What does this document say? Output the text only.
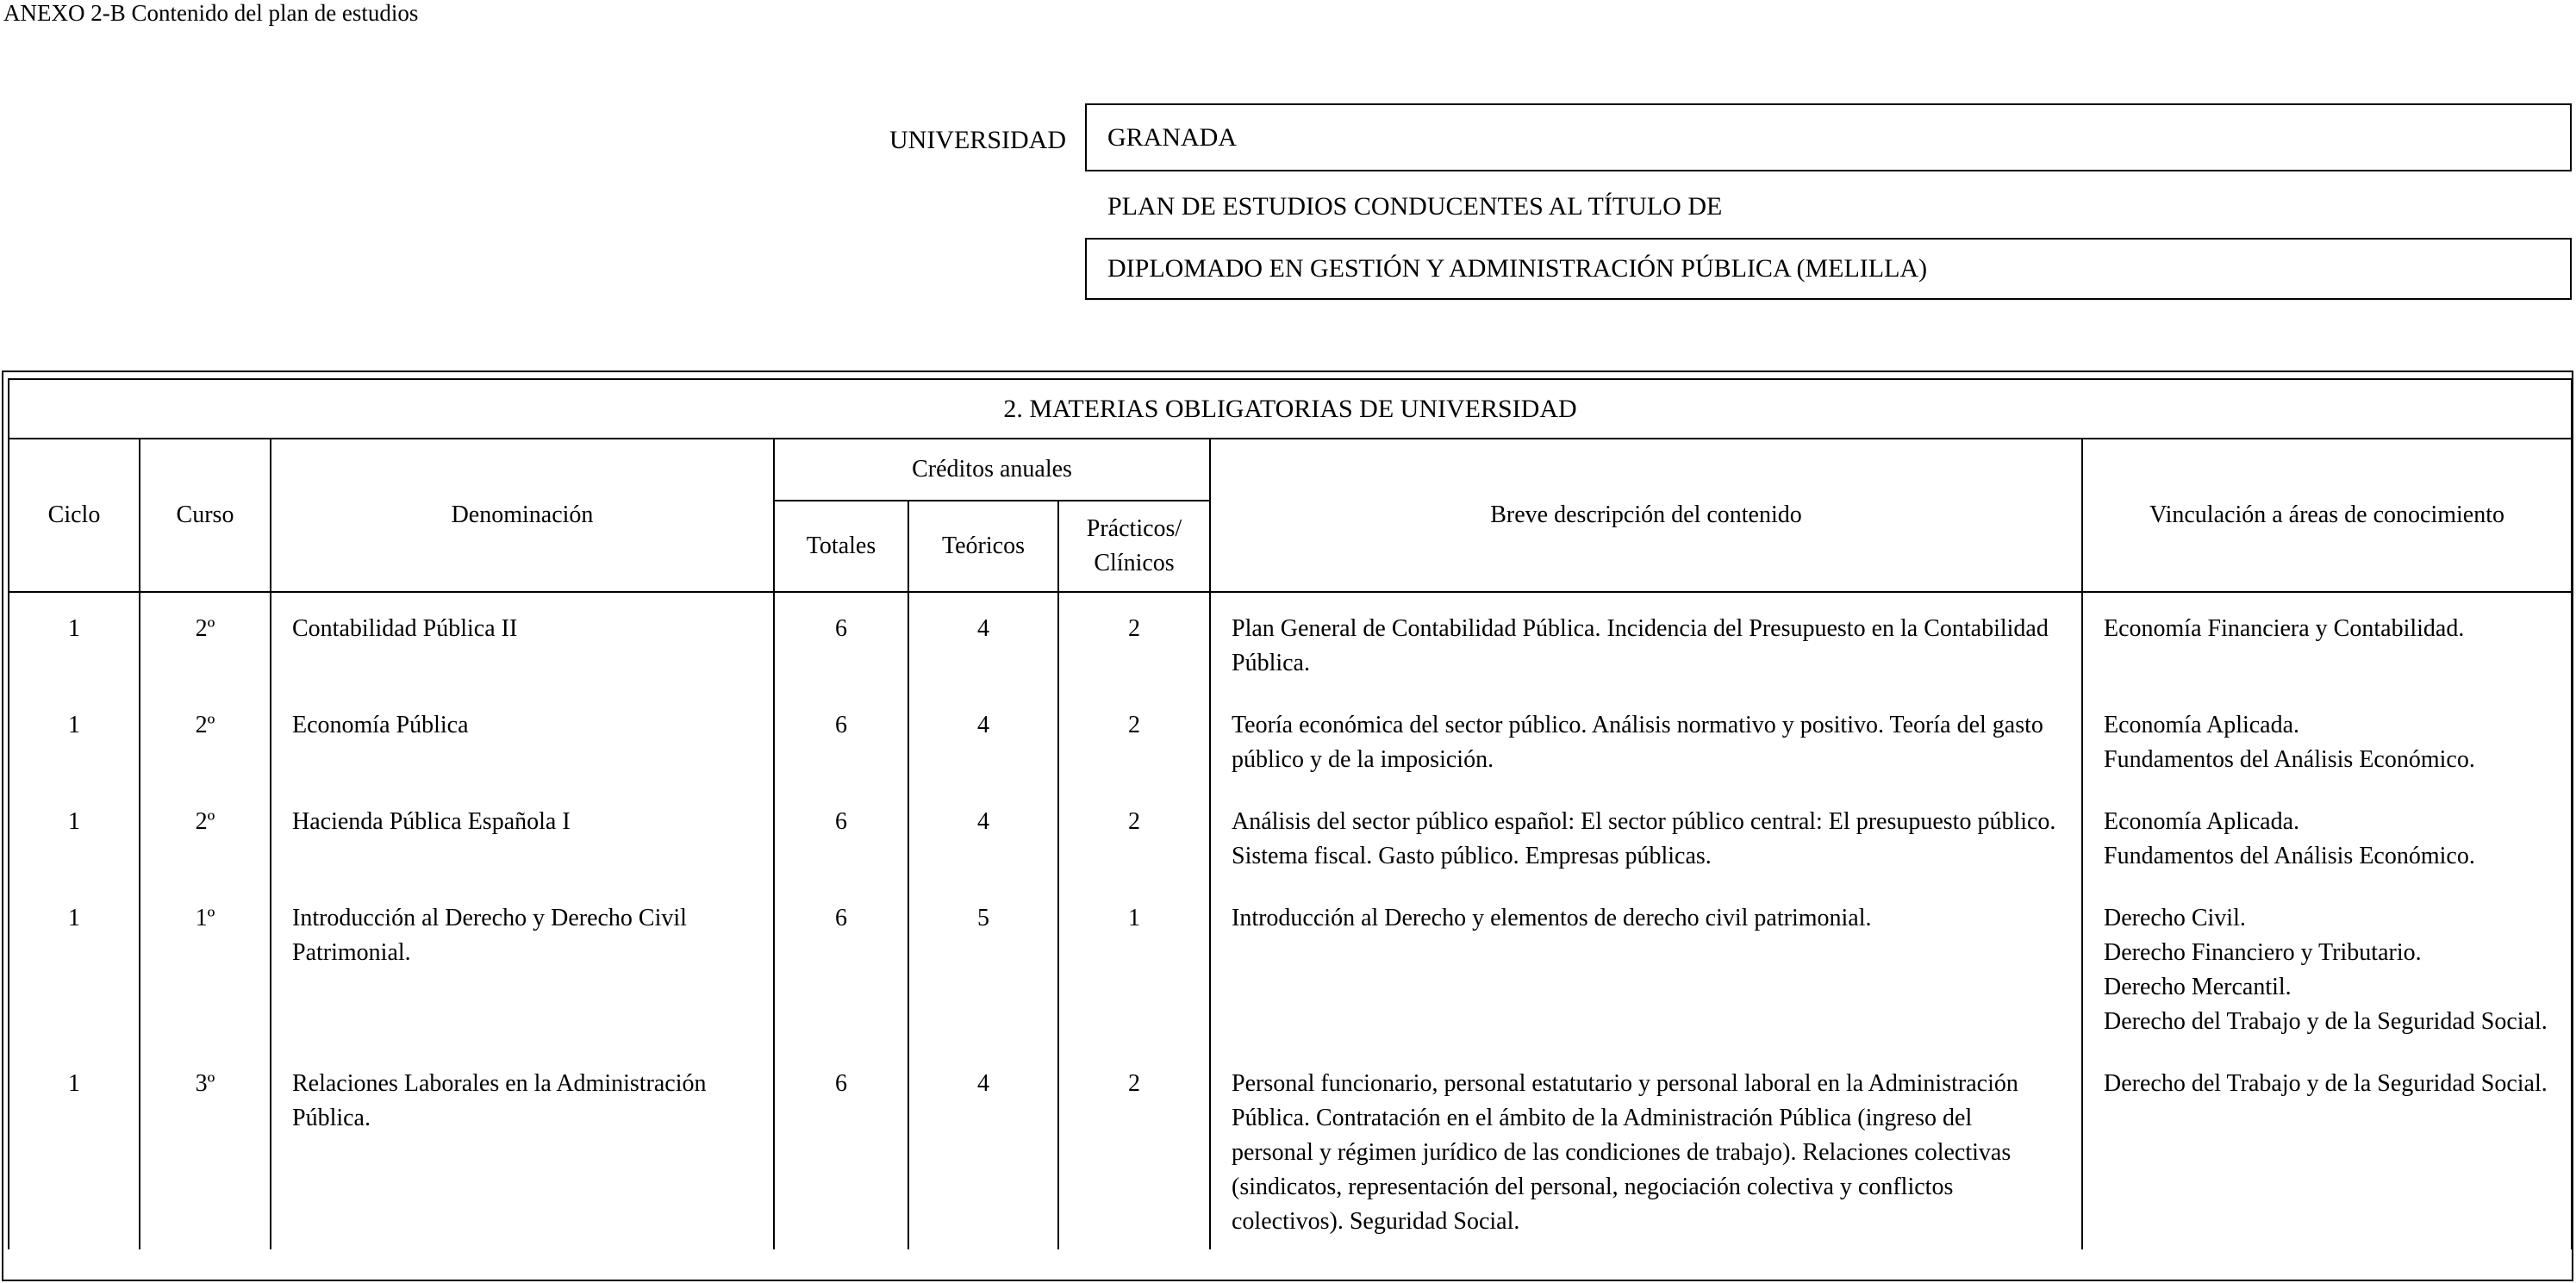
ANEXO 2-B Contenido del plan de estudios
UNIVERSIDAD GRANADA
PLAN DE ESTUDIOS CONDUCENTES AL TÍTULO DE
DIPLOMADO EN GESTIÓN Y ADMINISTRACIÓN PÚBLICA (MELILLA)
2. MATERIAS OBLIGATORIAS DE UNIVERSIDAD							
Ciclo	Curso	Denominación	Créditos anuales			Breve descripción del contenido	Vinculación a áreas de conocimiento
			Totales	Teóricos	Prácticos/ Clínicos		
1	2º	Contabilidad Pública II	6	4	2	Plan General de Contabilidad Pública. Incidencia del Presupuesto en la Contabilidad Pública.	Economía Financiera y Contabilidad.

1	2º	Economía Pública	6	4	2	Teoría económica del sector público. Análisis normativo y positivo. Teoría del gasto público y de la imposición.	Economía Aplicada.
Fundamentos del Análisis Económico.

1	2º	Hacienda Pública Española I	6	4	2	Análisis del sector público español: El sector público central: El presupuesto público. Sistema fiscal. Gasto público. Empresas públicas.	Economía Aplicada.
Fundamentos del Análisis Económico.

1	1º	Introducción al Derecho y Derecho Civil Patrimonial.	6	5	1	Introducción al Derecho y elementos de derecho civil patrimonial.	Derecho Civil.
Derecho Financiero y Tributario.
Derecho Mercantil.
Derecho del Trabajo y de la Seguridad Social.

1	3º	Relaciones Laborales en la Administración Pública.	6	4	2	Personal funcionario, personal estatutario y personal laboral en la Administración Pública. Contratación en el ámbito de la Administración Pública (ingreso del personal y régimen jurídico de las condiciones de trabajo). Relaciones colectivas (sindicatos, representación del personal, negociación colectiva y conflictos colectivos). Seguridad Social.	Derecho del Trabajo y de la Seguridad Social.
